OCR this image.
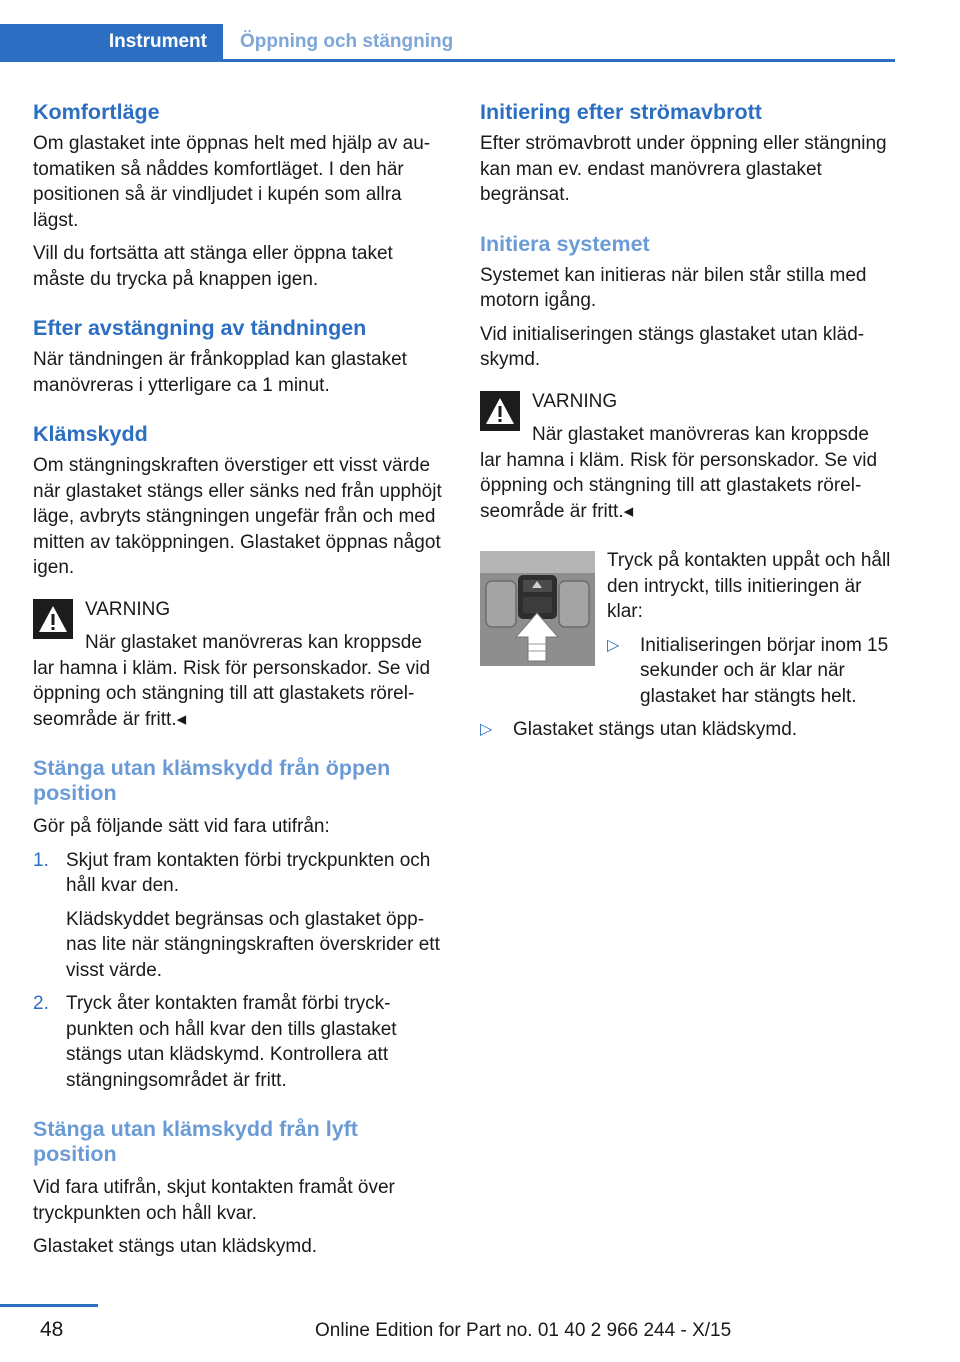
Instrument	Öppning och stängning
Komfortläge

Om glastaket inte öppnas helt med hjälp av automatiken så nåddes komfortläget. I den här positionen så är vindljudet i kupén som allra lägst.

Vill du fortsätta att stänga eller öppna taket måste du trycka på knappen igen.

Efter avstängning av tändningen

När tändningen är frånkopplad kan glastaket manövreras i ytterligare ca 1 minut.

Klämskydd

Om stängningskraften överstiger ett visst värde när glastaket stängs eller sänks ned från upphöjt läge, avbryts stängningen ungefär från och med mitten av taköppningen. Glastaket öppnas något igen.

VARNING
När glastaket manövreras kan kroppsde

lar hamna i kläm. Risk för personskador. Se vid öppning och stängning till att glastakets rörelseområde är fritt.◂

Stänga utan klämskydd från öppen position

Gör på följande sätt vid fara utifrån:

1. Skjut fram kontakten förbi tryckpunkten och håll kvar den.

Klädskyddet begränsas och glastaket öppnas lite när stängningskraften överskrider ett visst värde.

2. Tryck åter kontakten framåt förbi tryckpunkten och håll kvar den tills glastaket stängs utan klädskymd. Kontrollera att stängningsområdet är fritt.

Stänga utan klämskydd från lyft position

Vid fara utifrån, skjut kontakten framåt över tryckpunkten och håll kvar.

Glastaket stängs utan klädskymd.

Initiering efter strömavbrott

Efter strömavbrott under öppning eller stängning kan man ev. endast manövrera glastaket begränsat.

Initiera systemet

Systemet kan initieras när bilen står stilla med motorn igång.

Vid initialiseringen stängs glastaket utan klädskymd.

VARNING
När glastaket manövreras kan kroppsde

lar hamna i kläm. Risk för personskador. Se vid öppning och stängning till att glastakets rörelseområde är fritt.◂

Tryck på kontakten uppåt och håll den intryckt, tills initieringen är klar:

▷ Initialiseringen börjar inom 15 sekunder och är klar när glastaket har stängts helt.

▷ Glastaket stängs utan klädskymd.

48	Online Edition for Part no. 01 40 2 966 244 - X/15
